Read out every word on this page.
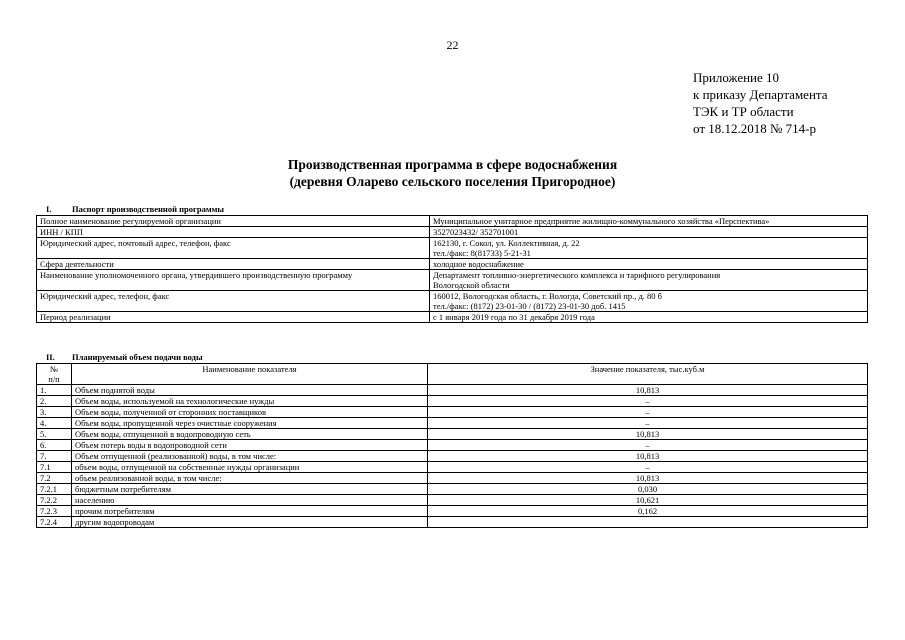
22
Приложение 10
к приказу Департамента
ТЭК и ТР области
от 18.12.2018 № 714-р
Производственная программа в сфере водоснабжения
(деревня Оларево сельского поселения Пригородное)
I. Паспорт производственной программы
Полное наименование регулируемой организации	Муниципальное унитарное предприятие жилищно-коммунального хозяйства «Перспектива»

ИНН / КПП	3527023432/ 352701001

Юридический адрес, почтовый адрес, телефон, факс	162130, г. Сокол, ул. Коллективная, д. 22
тел./факс: 8(81733) 5-21-31

Сфера деятельности	холодное водоснабжение

Наименование уполномоченного органа, утвердившего производственную программу	Департамент топливно-энергетического комплекса и тарифного регулирования
Вологодской области

Юридический адрес, телефон, факс	160012, Вологодская область, г. Вологда, Советский пр., д. 80 б
тел./факс: (8172) 23-01-30 / (8172) 23-01-30 доб. 1415

Период реализации	с 1 января 2019 года по 31 декабря 2019 года
II. Планируемый объем подачи воды
№
п/п	Наименование показателя	Значение показателя, тыс.куб.м
1.	Объем поднятой воды	10,813
2.	Объем воды, используемой на технологические нужды	–
3.	Объем воды, полученной от сторонних поставщиков	–
4.	Объем воды, пропущенной через очистные сооружения	–
5.	Объем воды, отпущенной в водопроводную сеть	10,813
6.	Объем потерь воды в водопроводной сети	–
7.	Объем отпущенной (реализованной) воды, в том числе:	10,813
7.1	объем воды, отпущенной на собственные нужды организации	–
7.2	объем реализованной воды, в том числе:	10,813
7.2.1	бюджетным потребителям	0,030
7.2.2	населению	10,621
7.2.3	прочим потребителям	0,162
7.2.4	другим водопроводам	
